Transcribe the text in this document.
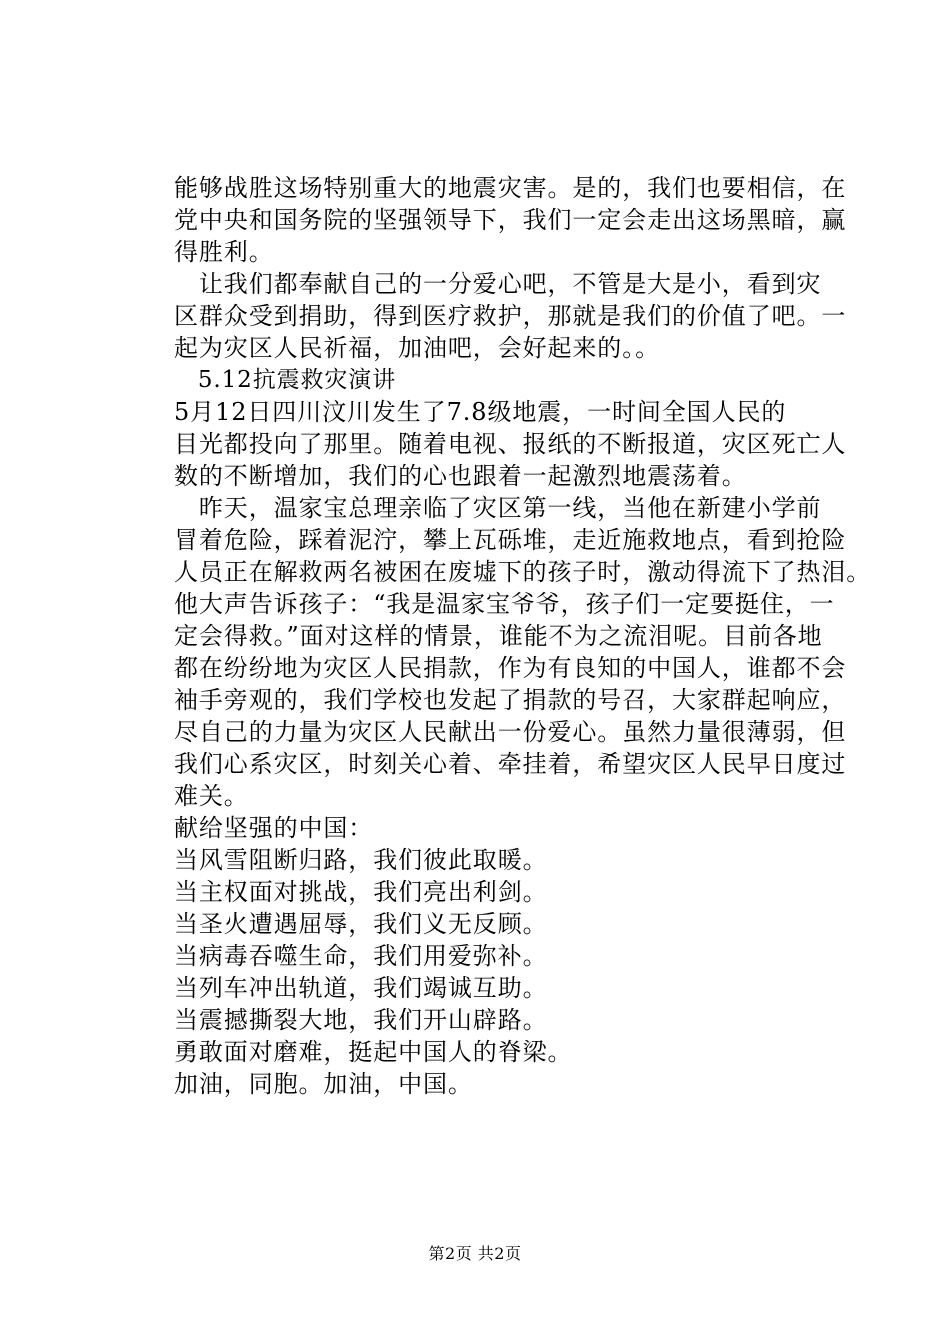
能够战胜这场特别重大的地震灾害。是的，我们也要相信，在
党中央和国务院的坚强领导下，我们一定会走出这场黑暗，赢
得胜利。
　让我们都奉献自己的一分爱心吧，不管是大是小，看到灾
区群众受到捐助，得到医疗救护，那就是我们的价值了吧。一
起为灾区人民祈福，加油吧，会好起来的。。
　5.12抗震救灾演讲
5月12日四川汶川发生了7.8级地震，一时间全国人民的
目光都投向了那里。随着电视、报纸的不断报道，灾区死亡人
数的不断增加，我们的心也跟着一起激烈地震荡着。
　昨天，温家宝总理亲临了灾区第一线，当他在新建小学前
冒着危险，踩着泥泞，攀上瓦砾堆，走近施救地点，看到抢险
人员正在解救两名被困在废墟下的孩子时，激动得流下了热泪。
他大声告诉孩子：“我是温家宝爷爷，孩子们一定要挺住，一
定会得救。”面对这样的情景，谁能不为之流泪呢。目前各地
都在纷纷地为灾区人民捐款，作为有良知的中国人，谁都不会
袖手旁观的，我们学校也发起了捐款的号召，大家群起响应，
尽自己的力量为灾区人民献出一份爱心。虽然力量很薄弱，但
我们心系灾区，时刻关心着、牵挂着，希望灾区人民早日度过
难关。
献给坚强的中国：
当风雪阻断归路，我们彼此取暖。
当主权面对挑战，我们亮出利剑。
当圣火遭遇屈辱，我们义无反顾。
当病毒吞噬生命，我们用爱弥补。
当列车冲出轨道，我们竭诚互助。
当震撼撕裂大地，我们开山辟路。
勇敢面对磨难，挺起中国人的脊梁。
加油，同胞。加油，中国。
第2页 共2页
